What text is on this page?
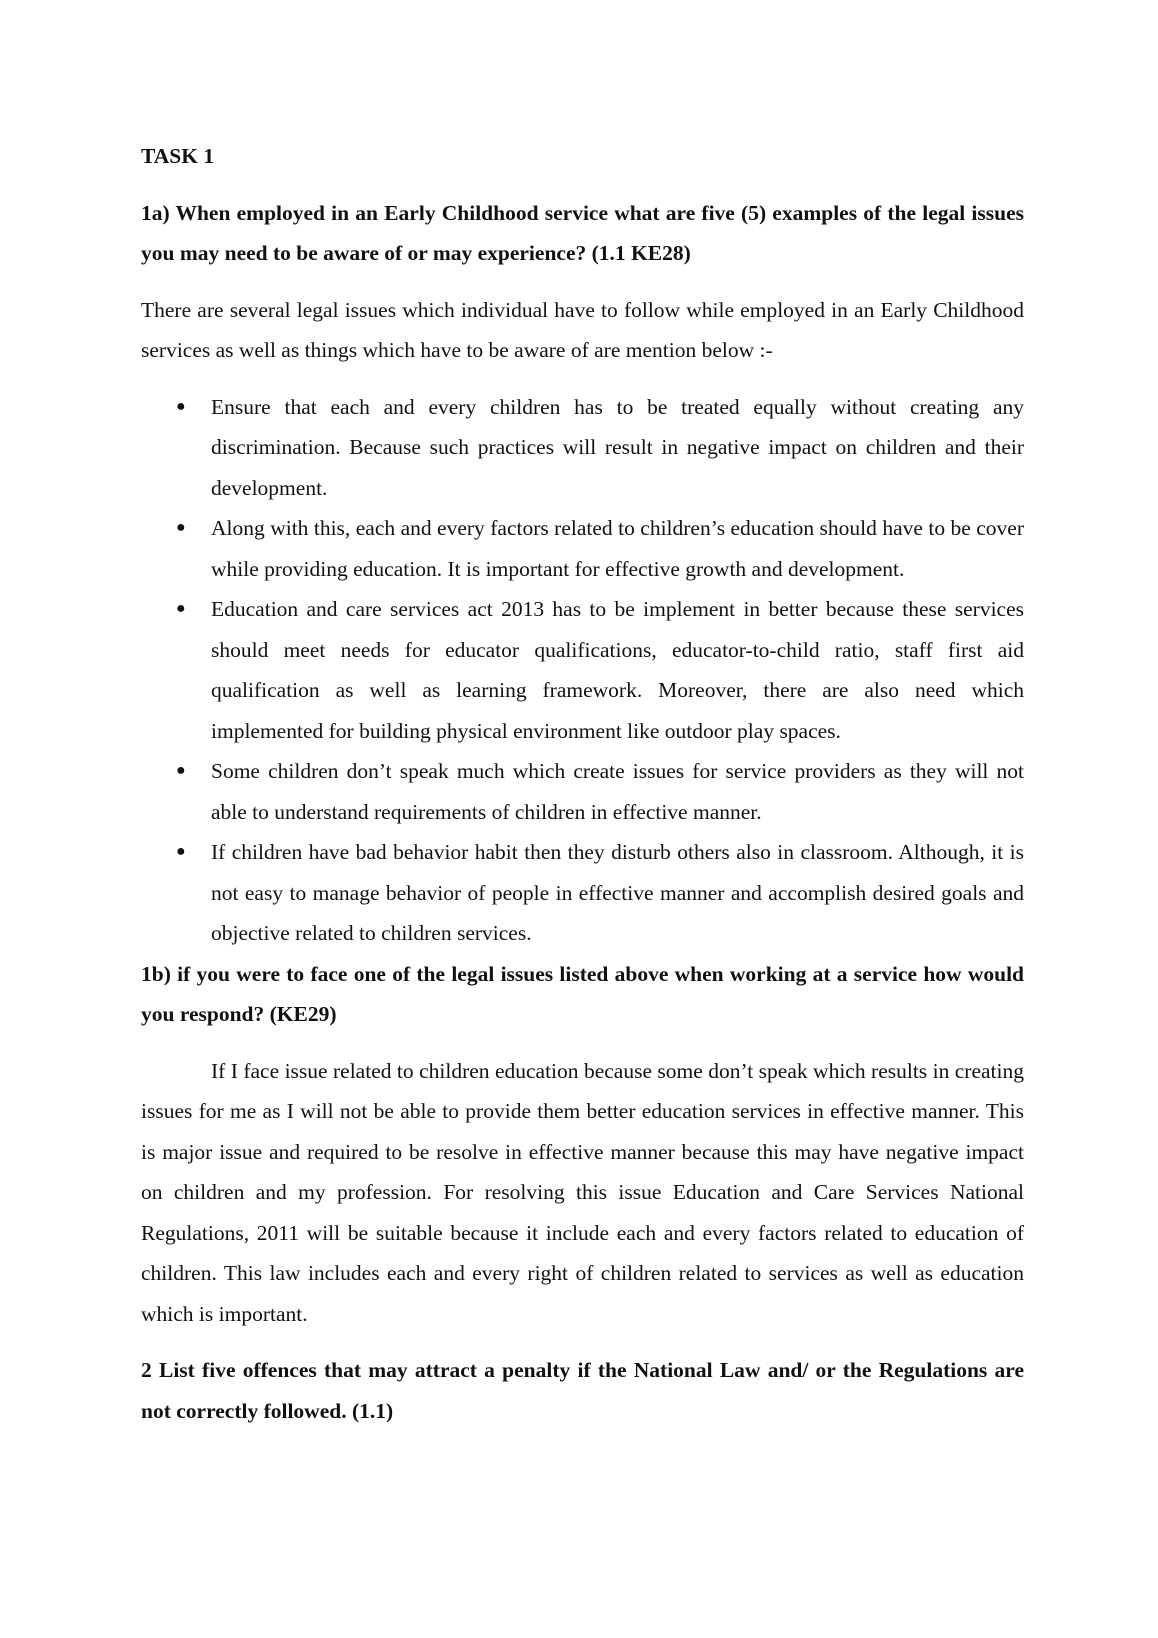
TASK 1

1a) When employed in an Early Childhood service what are five (5) examples of the legal issues you may need to be aware of or may experience? (1.1 KE28)

There are several legal issues which individual have to follow while employed in an Early Childhood services as well as things which have to be aware of are mention below :-

● Ensure that each and every children has to be treated equally without creating any discrimination. Because such practices will result in negative impact on children and their development.
● Along with this, each and every factors related to children’s education should have to be cover while providing education. It is important for effective growth and development.
● Education and care services act 2013 has to be implement in better because these services should meet needs for educator qualifications, educator-to-child ratio, staff first aid qualification as well as learning framework. Moreover, there are also need which implemented for building physical environment like outdoor play spaces.
● Some children don’t speak much which create issues for service providers as they will not able to understand requirements of children in effective manner.
● If children have bad behavior habit then they disturb others also in classroom. Although, it is not easy to manage behavior of people in effective manner and accomplish desired goals and objective related to children services.

1b) if you were to face one of the legal issues listed above when working at a service how would you respond? (KE29)

If I face issue related to children education because some don’t speak which results in creating issues for me as I will not be able to provide them better education services in effective manner. This is major issue and required to be resolve in effective manner because this may have negative impact on children and my profession. For resolving this issue Education and Care Services National Regulations, 2011 will be suitable because it include each and every factors related to education of children. This law includes each and every right of children related to services as well as education which is important.

2 List five offences that may attract a penalty if the National Law and/ or the Regulations are not correctly followed. (1.1)
